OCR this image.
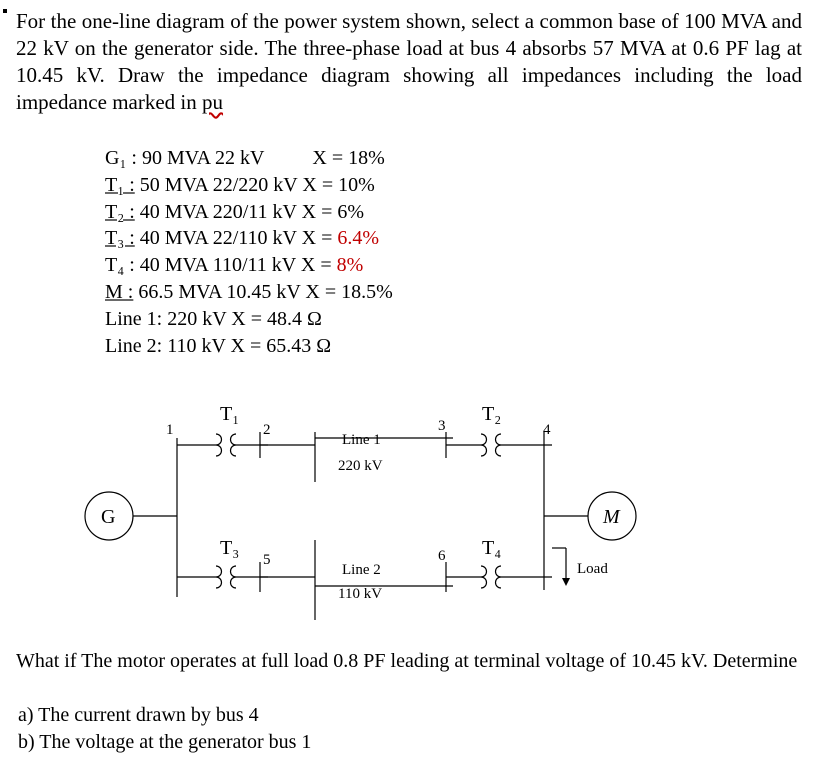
For the one-line diagram of the power system shown, select a common base of 100 MVA and 22 kV on the generator side. The three-phase load at bus 4 absorbs 57 MVA at 0.6 PF lag at 10.45 kV. Draw the impedance diagram showing all impedances including the load impedance marked in pu

G₁ : 90 MVA 22 kV X = 18%

T₁ : 50 MVA 22/220 kV X = 10%

T₂ : 40 MVA 220/11 kV X = 6%

T₃ : 40 MVA 22/110 kV X = 6.4%

T₄ : 40 MVA 110/11 kV X = 8%

M : 66.5 MVA 10.45 kV X = 18.5%

Line 1: 220 kV X = 48.4 Ω

Line 2: 110 kV X = 65.43 Ω

T₁	T₂
T₃	T₄
G	M
1	2	3	4
5	6
Line 1
220 kV
Line 2
110 kV
Load

What if The motor operates at full load 0.8 PF leading at terminal voltage of 10.45 kV. Determine

a) The current drawn by bus 4

b) The voltage at the generator bus 1
